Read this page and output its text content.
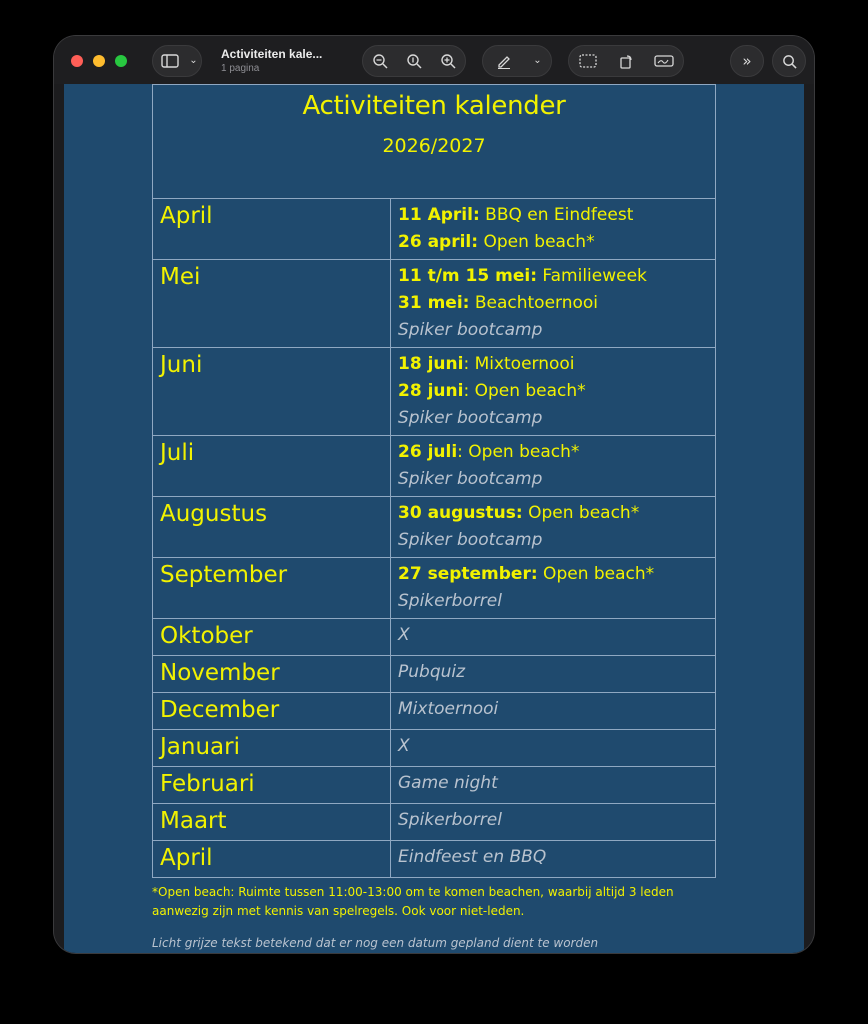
⌄ Activiteiten kale...
1 pagina
⌄	»
Activiteiten kalender
2026/2027	

April	11 April: BBQ en Eindfeest
26 april: Open beach*

Mei	11 t/m 15 mei: Familieweek
31 mei: Beachtoernooi
Spiker bootcamp

Juni	18 juni: Mixtoernooi
28 juni: Open beach*
Spiker bootcamp

Juli	26 juli: Open beach*
Spiker bootcamp

Augustus	30 augustus: Open beach*
Spiker bootcamp

September	27 september: Open beach*
Spikerborrel

Oktober	X

November	Pubquiz

December	Mixtoernooi

Januari	X

Februari	Game night

Maart	Spikerborrel

April	Eindfeest en BBQ
*Open beach: Ruimte tussen 11:00-13:00 om te komen beachen, waarbij altijd 3 leden aanwezig zijn met kennis van spelregels. Ook voor niet-leden.
Licht grijze tekst betekend dat er nog een datum gepland dient te worden
